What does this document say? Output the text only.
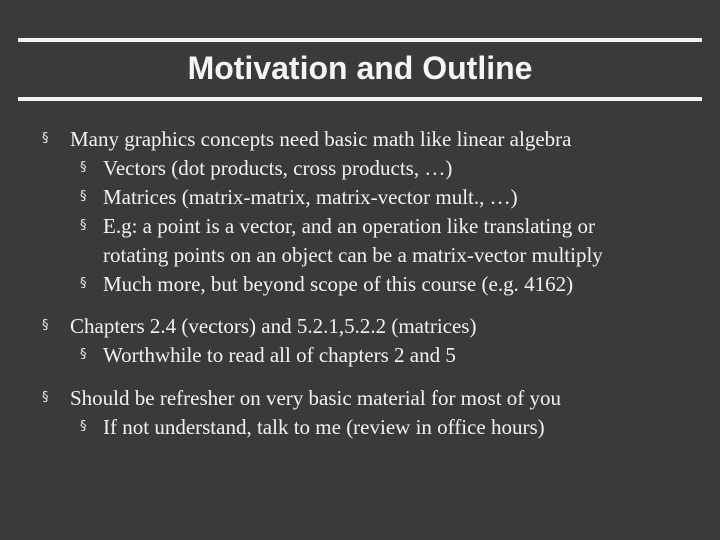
Motivation and Outline
§ Many graphics concepts need basic math like linear algebra
§ Vectors (dot products, cross products, …)
§ Matrices (matrix-matrix, matrix-vector mult., …)
§ E.g: a point is a vector, and an operation like translating or
rotating points on an object can be a matrix-vector multiply
§ Much more, but beyond scope of this course (e.g. 4162)
§ Chapters 2.4 (vectors) and 5.2.1,5.2.2 (matrices)
§ Worthwhile to read all of chapters 2 and 5
§ Should be refresher on very basic material for most of you
§ If not understand, talk to me (review in office hours)
